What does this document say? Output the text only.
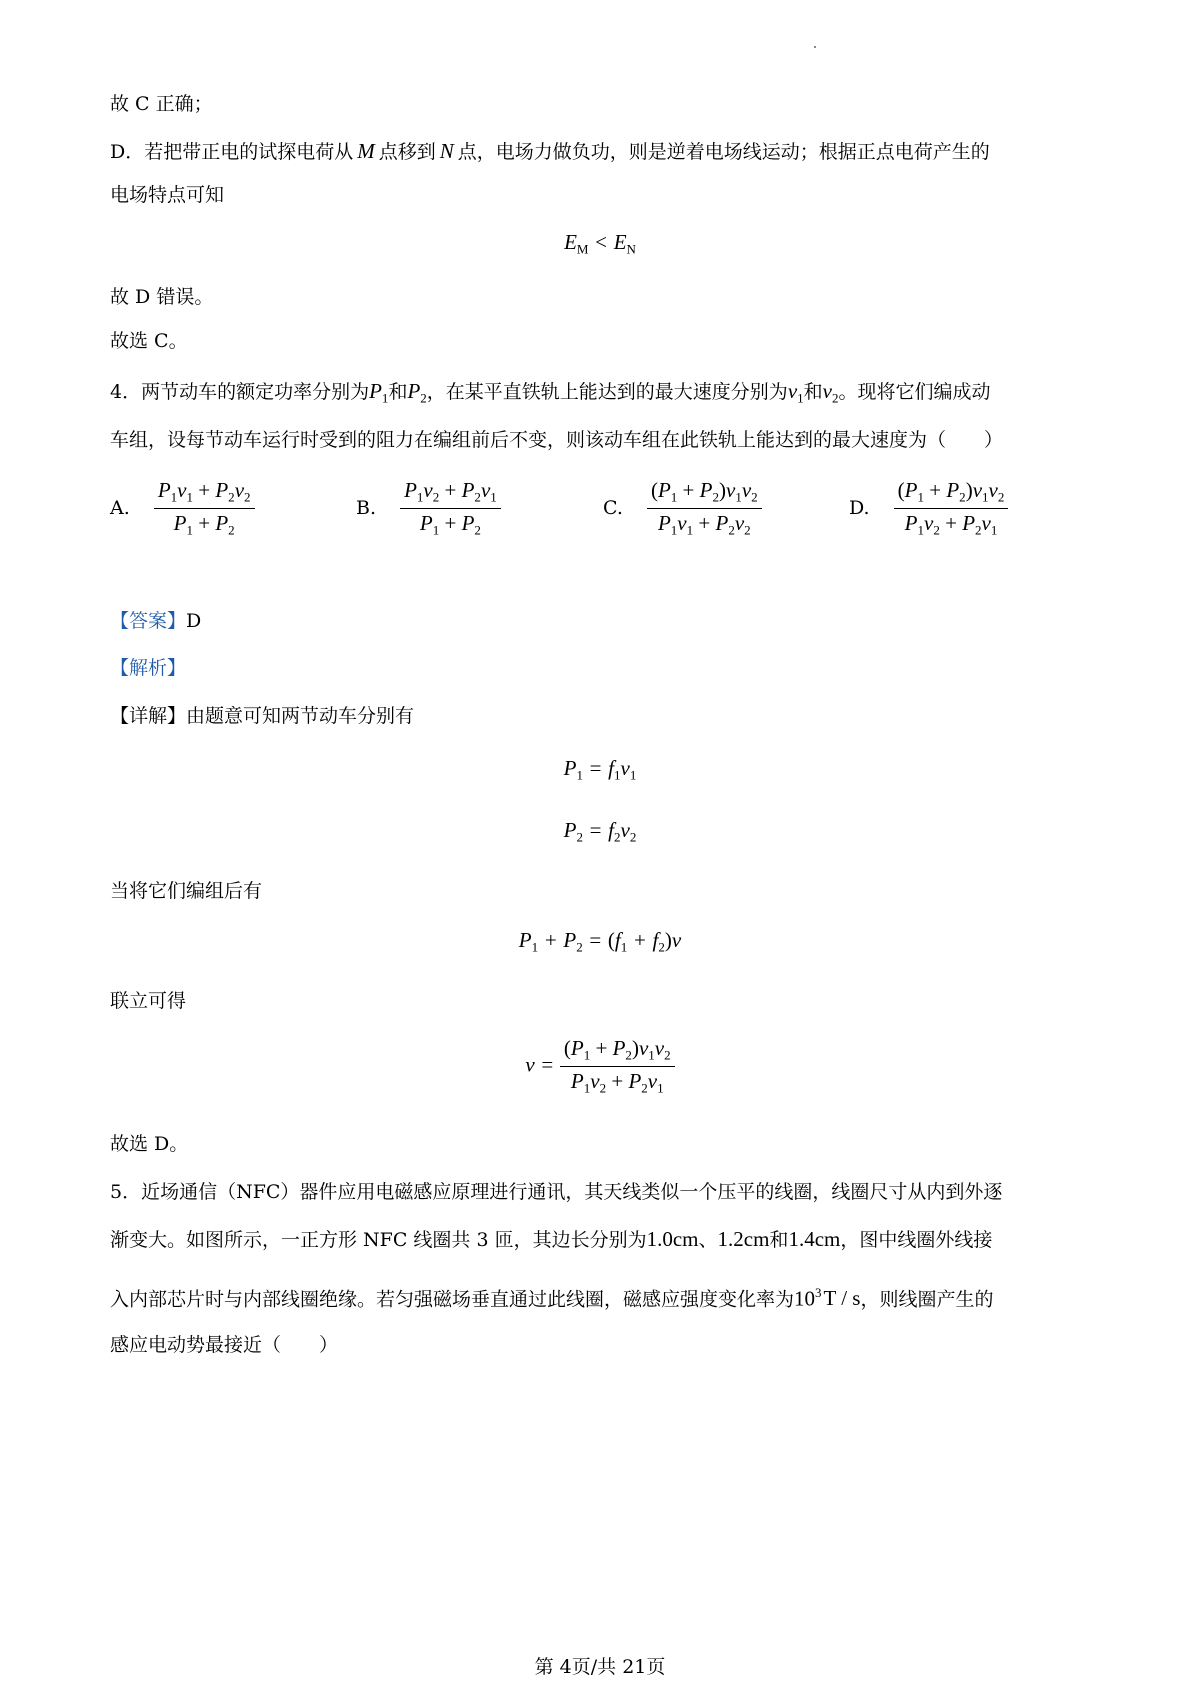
故 C 正确；
D．若把带正电的试探电荷从 M 点移到 N 点，电场力做负功，则是逆着电场线运动；根据正点电荷产生的
电场特点可知
$E_M < E_N$
故 D 错误。
故选 C。
4．两节动车的额定功率分别为$P_1$和$P_2$，在某平直铁轨上能达到的最大速度分别为$v_1$和$v_2$。现将它们编成动
车组，设每节动车运行时受到的阻力在编组前后不变，则该动车组在此铁轨上能达到的最大速度为（　　）
A. $\frac{P_1v_1 + P_2v_2}{P_1 + P_2}$	B. $\frac{P_1v_2 + P_2v_1}{P_1 + P_2}$	C. $\frac{(P_1 + P_2)v_1v_2}{P_1v_1 + P_2v_2}$	D. $\frac{(P_1 + P_2)v_1v_2}{P_1v_2 + P_2v_1}$
【答案】D
【解析】
【详解】由题意可知两节动车分别有
$P_1 = f_1v_1$
$P_2 = f_2v_2$
当将它们编组后有
$P_1 + P_2 = (f_1 + f_2)v$
联立可得
$v = \frac{(P_1 + P_2)v_1v_2}{P_1v_2 + P_2v_1}$
故选 D。
5．近场通信（NFC）器件应用电磁感应原理进行通讯，其天线类似一个压平的线圈，线圈尺寸从内到外逐
渐变大。如图所示，一正方形 NFC 线圈共 3 匝，其边长分别为1.0cm、1.2cm和1.4cm，图中线圈外线接
入内部芯片时与内部线圈绝缘。若匀强磁场垂直通过此线圈，磁感应强度变化率为$10^3T$ / s，则线圈产生的
感应电动势最接近（　　）
第 4页/共 21页
